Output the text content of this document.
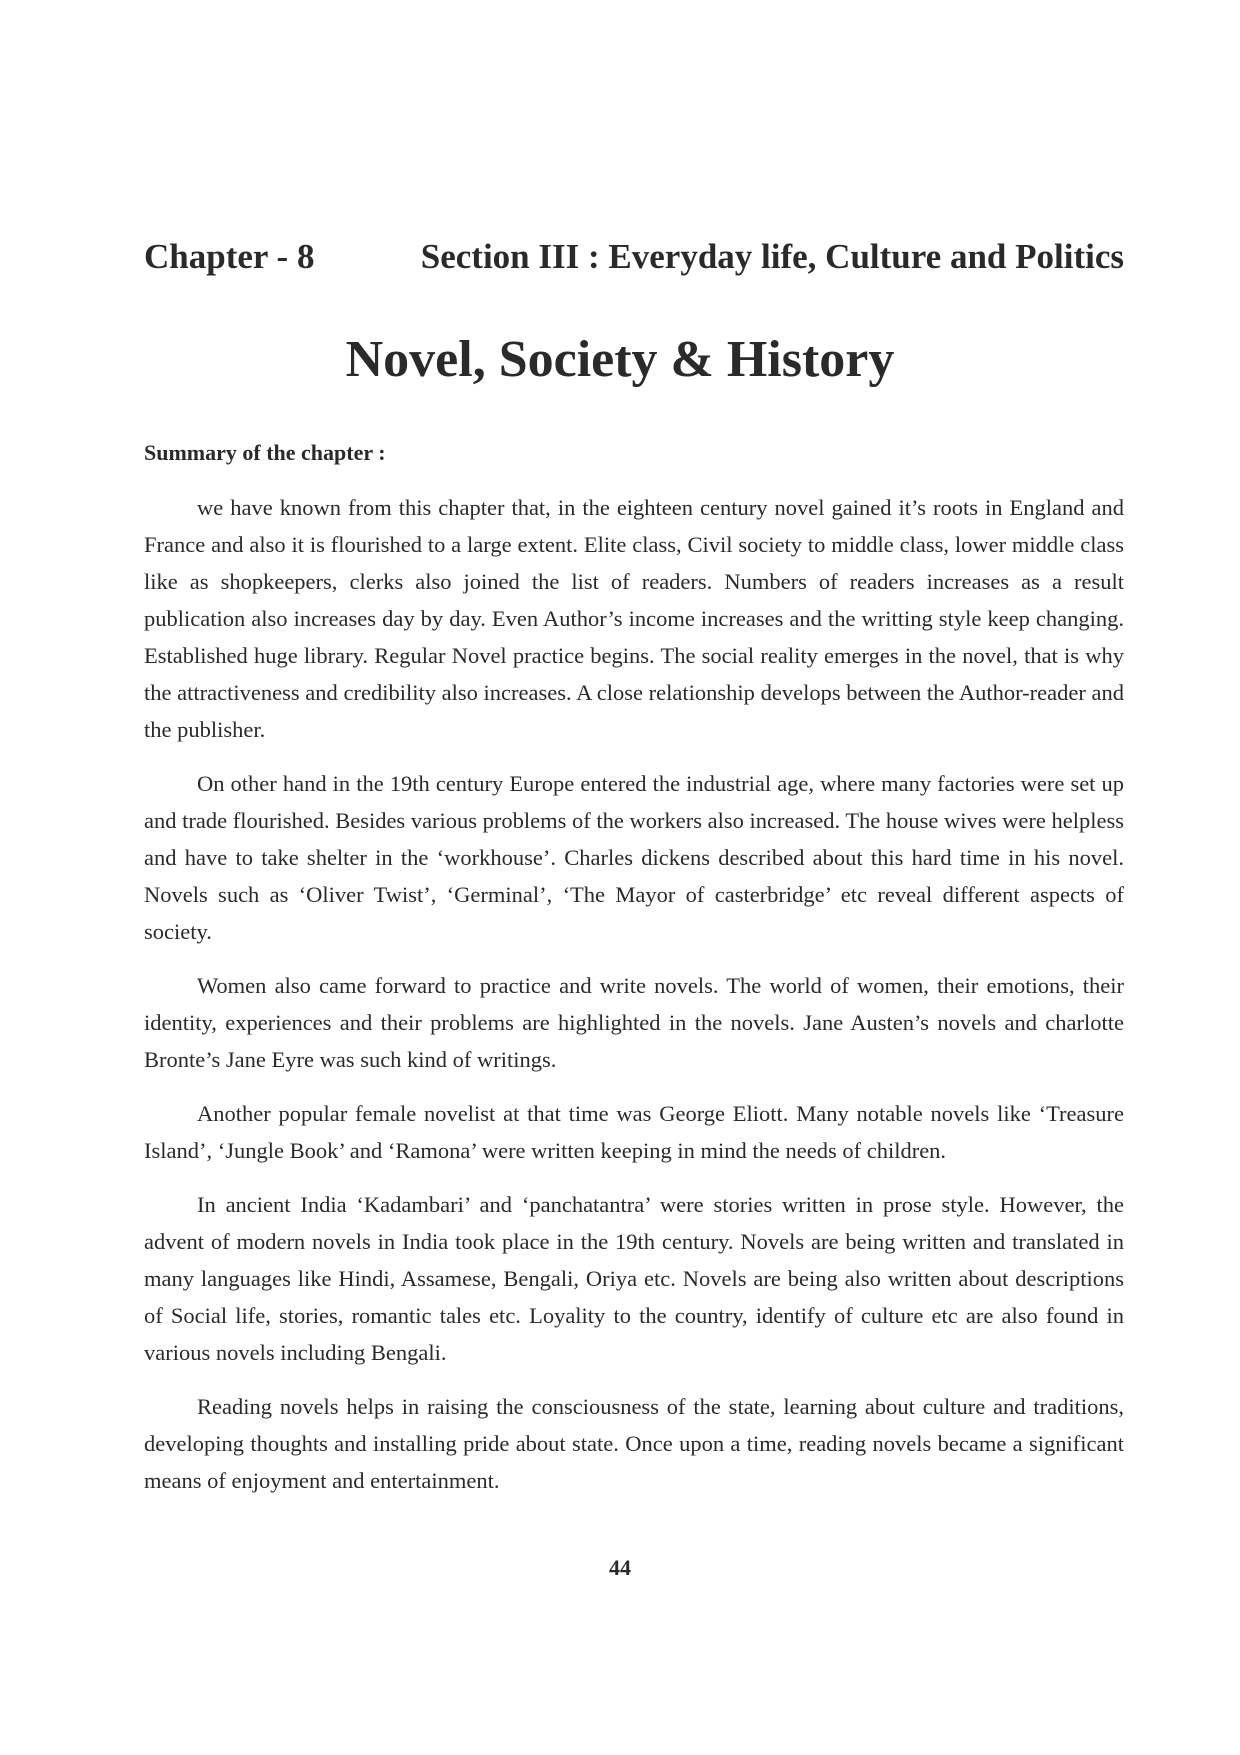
Chapter - 8	Section III : Everyday life, Culture and Politics
Novel, Society & History
Summary of the chapter :

we have known from this chapter that, in the eighteen century novel gained it’s roots in England and France and also it is flourished to a large extent. Elite class, Civil society to middle class, lower middle class like as shopkeepers, clerks also joined the list of readers. Numbers of readers increases as a result publication also increases day by day. Even Author’s income increases and the writting style keep changing. Established huge library. Regular Novel practice begins. The social reality emerges in the novel, that is why the attractiveness and credibility also increases. A close relationship develops between the Author-reader and the publisher.

On other hand in the 19th century Europe entered the industrial age, where many factories were set up and trade flourished. Besides various problems of the workers also increased. The house wives were helpless and have to take shelter in the ‘workhouse’. Charles dickens described about this hard time in his novel. Novels such as ‘Oliver Twist’, ‘Germinal’, ‘The Mayor of casterbridge’ etc reveal different aspects of society.

Women also came forward to practice and write novels. The world of women, their emotions, their identity, experiences and their problems are highlighted in the novels. Jane Austen’s novels and charlotte Bronte’s Jane Eyre was such kind of writings.

Another popular female novelist at that time was George Eliott. Many notable novels like ‘Treasure Island’, ‘Jungle Book’ and ‘Ramona’ were written keeping in mind the needs of children.

In ancient India ‘Kadambari’ and ‘panchatantra’ were stories written in prose style. However, the advent of modern novels in India took place in the 19th century. Novels are being written and translated in many languages like Hindi, Assamese, Bengali, Oriya etc. Novels are being also written about descriptions of Social life, stories, romantic tales etc. Loyality to the country, identify of culture etc are also found in various novels including Bengali.

Reading novels helps in raising the consciousness of the state, learning about culture and traditions, developing thoughts and installing pride about state. Once upon a time, reading novels became a significant means of enjoyment and entertainment.

44
